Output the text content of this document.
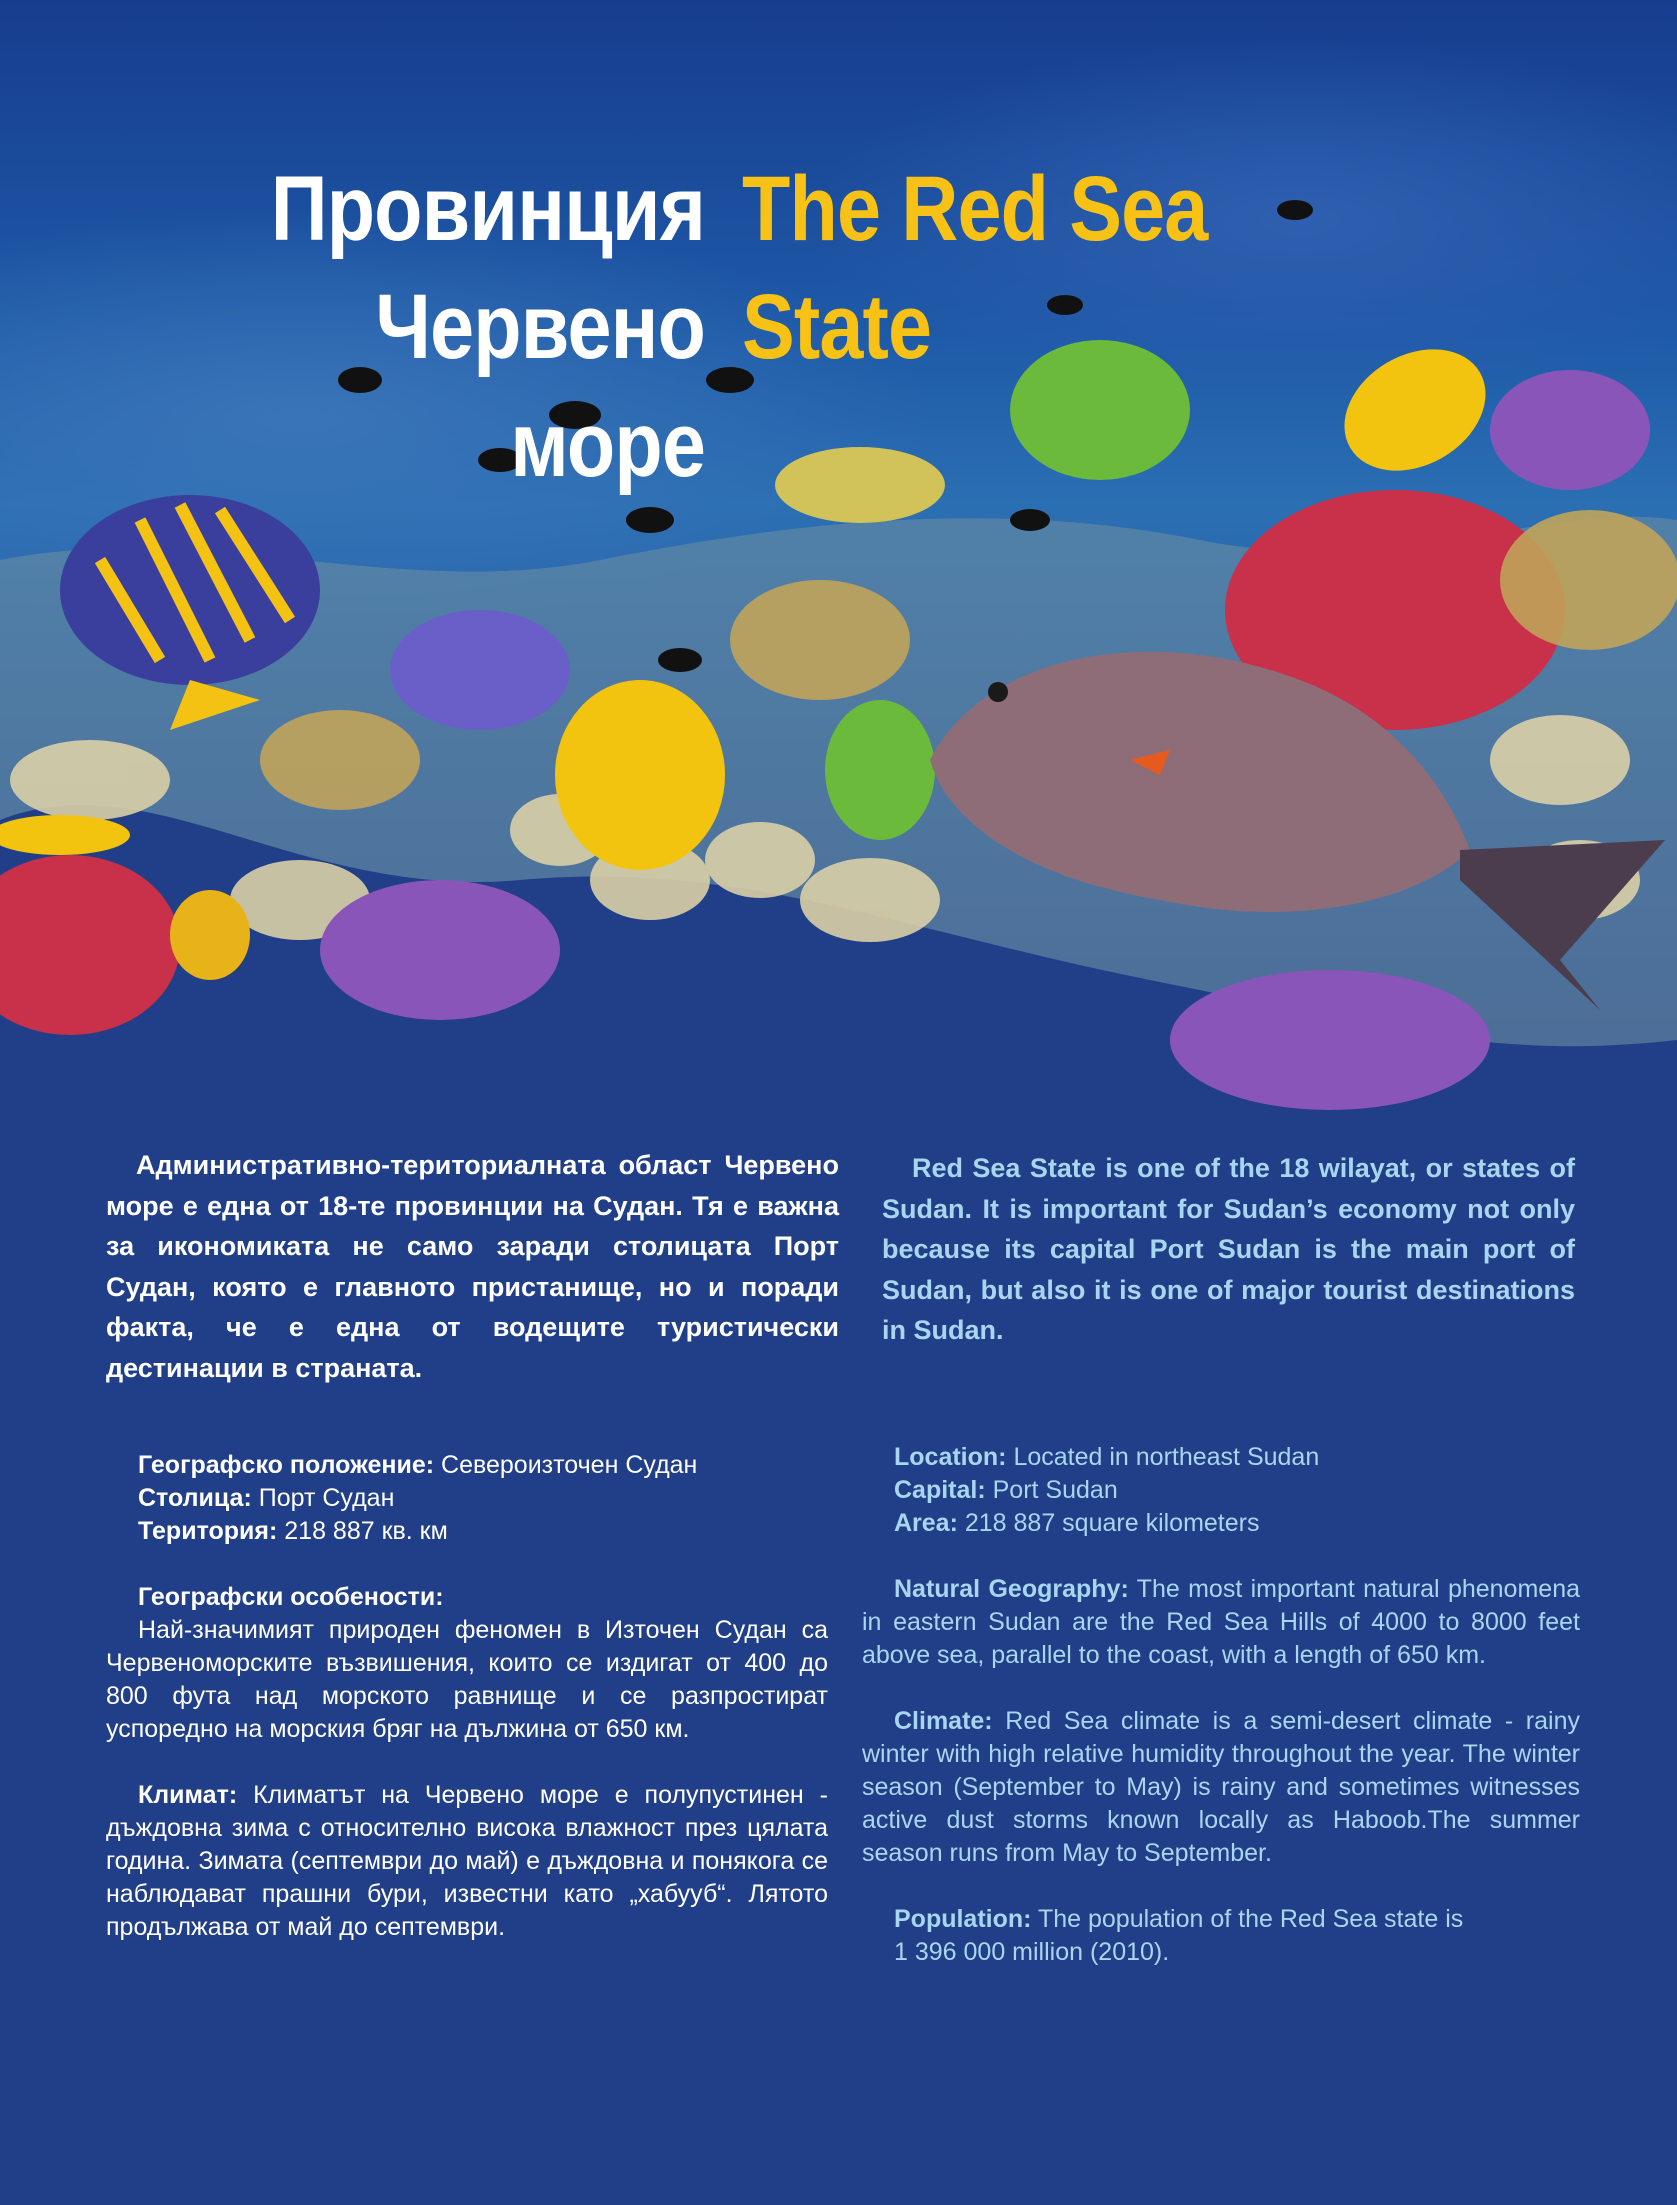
Провинция
Червено море
The Red Sea
State
Административно-териториалната област Червено море е една от 18-те провинции на Судан. Тя е важна за икономиката не само заради столицата Порт Судан, която е главното пристанище, но и поради факта, че е една от водещите туристически дестинации в страната.
Red Sea State is one of the 18 wilayat, or states of Sudan. It is important for Sudan’s economy not only because its capital Port Sudan is the main port of Sudan, but also it is one of major tourist destinations in Sudan.

Географско положение: Североизточен Судан

Столица: Порт Судан

Територия: 218 887 кв. км

Географски особености:

Най-значимият природен феномен в Източен Судан са Червеноморските възвишения, които се издигат от 400 до 800 фута над морското равнище и се разпростират успоредно на морския бряг на дължина от 650 км.

Климат: Климатът на Червено море е полупустинен - дъждовна зима с относително висока влажност през цялата година. Зимата (септември до май) е дъждовна и понякога се наблюдават прашни бури, известни като „хабууб“. Лятото продължава от май до септември.

Location: Located in northeast Sudan

Capital: Port Sudan

Area: 218 887 square kilometers

Natural Geography: The most important natural phenomena in eastern Sudan are the Red Sea Hills of 4000 to 8000 feet above sea, parallel to the coast, with a length of 650 km.

Climate: Red Sea climate is a semi-desert climate - rainy winter with high relative humidity throughout the year. The winter season (September to May) is rainy and sometimes witnesses active dust storms known locally as Haboob.The summer season runs from May to September.

Population: The population of the Red Sea state is

1 396 000 million (2010).
